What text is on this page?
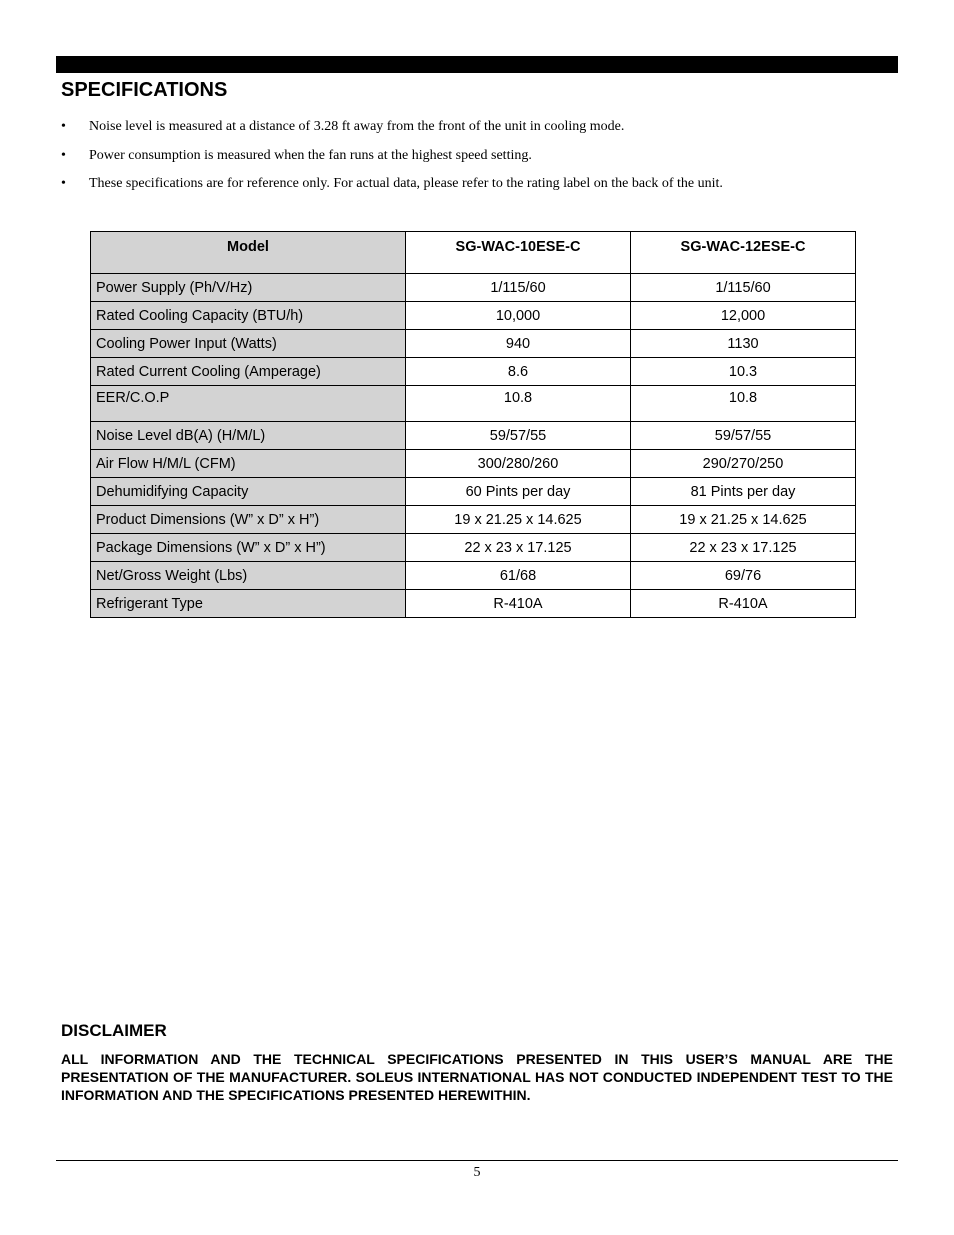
SPECIFICATIONS
• Noise level is measured at a distance of 3.28 ft away from the front of the unit in cooling mode.
• Power consumption is measured when the fan runs at the highest speed setting.
• These specifications are for reference only. For actual data, please refer to the rating label on the back of the unit.
Model	SG-WAC-10ESE-C	SG-WAC-12ESE-C
Power Supply (Ph/V/Hz)	1/115/60	1/115/60
Rated Cooling Capacity (BTU/h)	10,000	12,000
Cooling Power Input (Watts)	940	1130
Rated Current Cooling (Amperage)	8.6	10.3
EER/C.O.P	10.8	10.8
Noise Level dB(A) (H/M/L)	59/57/55	59/57/55
Air Flow H/M/L (CFM)	300/280/260	290/270/250
Dehumidifying Capacity	60 Pints per day	81 Pints per day
Product Dimensions (W” x D” x H”)	19 x 21.25 x 14.625	19 x 21.25 x 14.625
Package Dimensions (W” x D” x H”)	22 x 23 x 17.125	22 x 23 x 17.125
Net/Gross Weight (Lbs)	61/68	69/76
Refrigerant Type	R-410A	R-410A
DISCLAIMER

ALL INFORMATION AND THE TECHNICAL SPECIFICATIONS PRESENTED IN THIS USER’S MANUAL ARE THE PRESENTATION OF THE MANUFACTURER. SOLEUS INTERNATIONAL HAS NOT CONDUCTED INDEPENDENT TEST TO THE INFORMATION AND THE SPECIFICATIONS PRESENTED HEREWITHIN.

5
